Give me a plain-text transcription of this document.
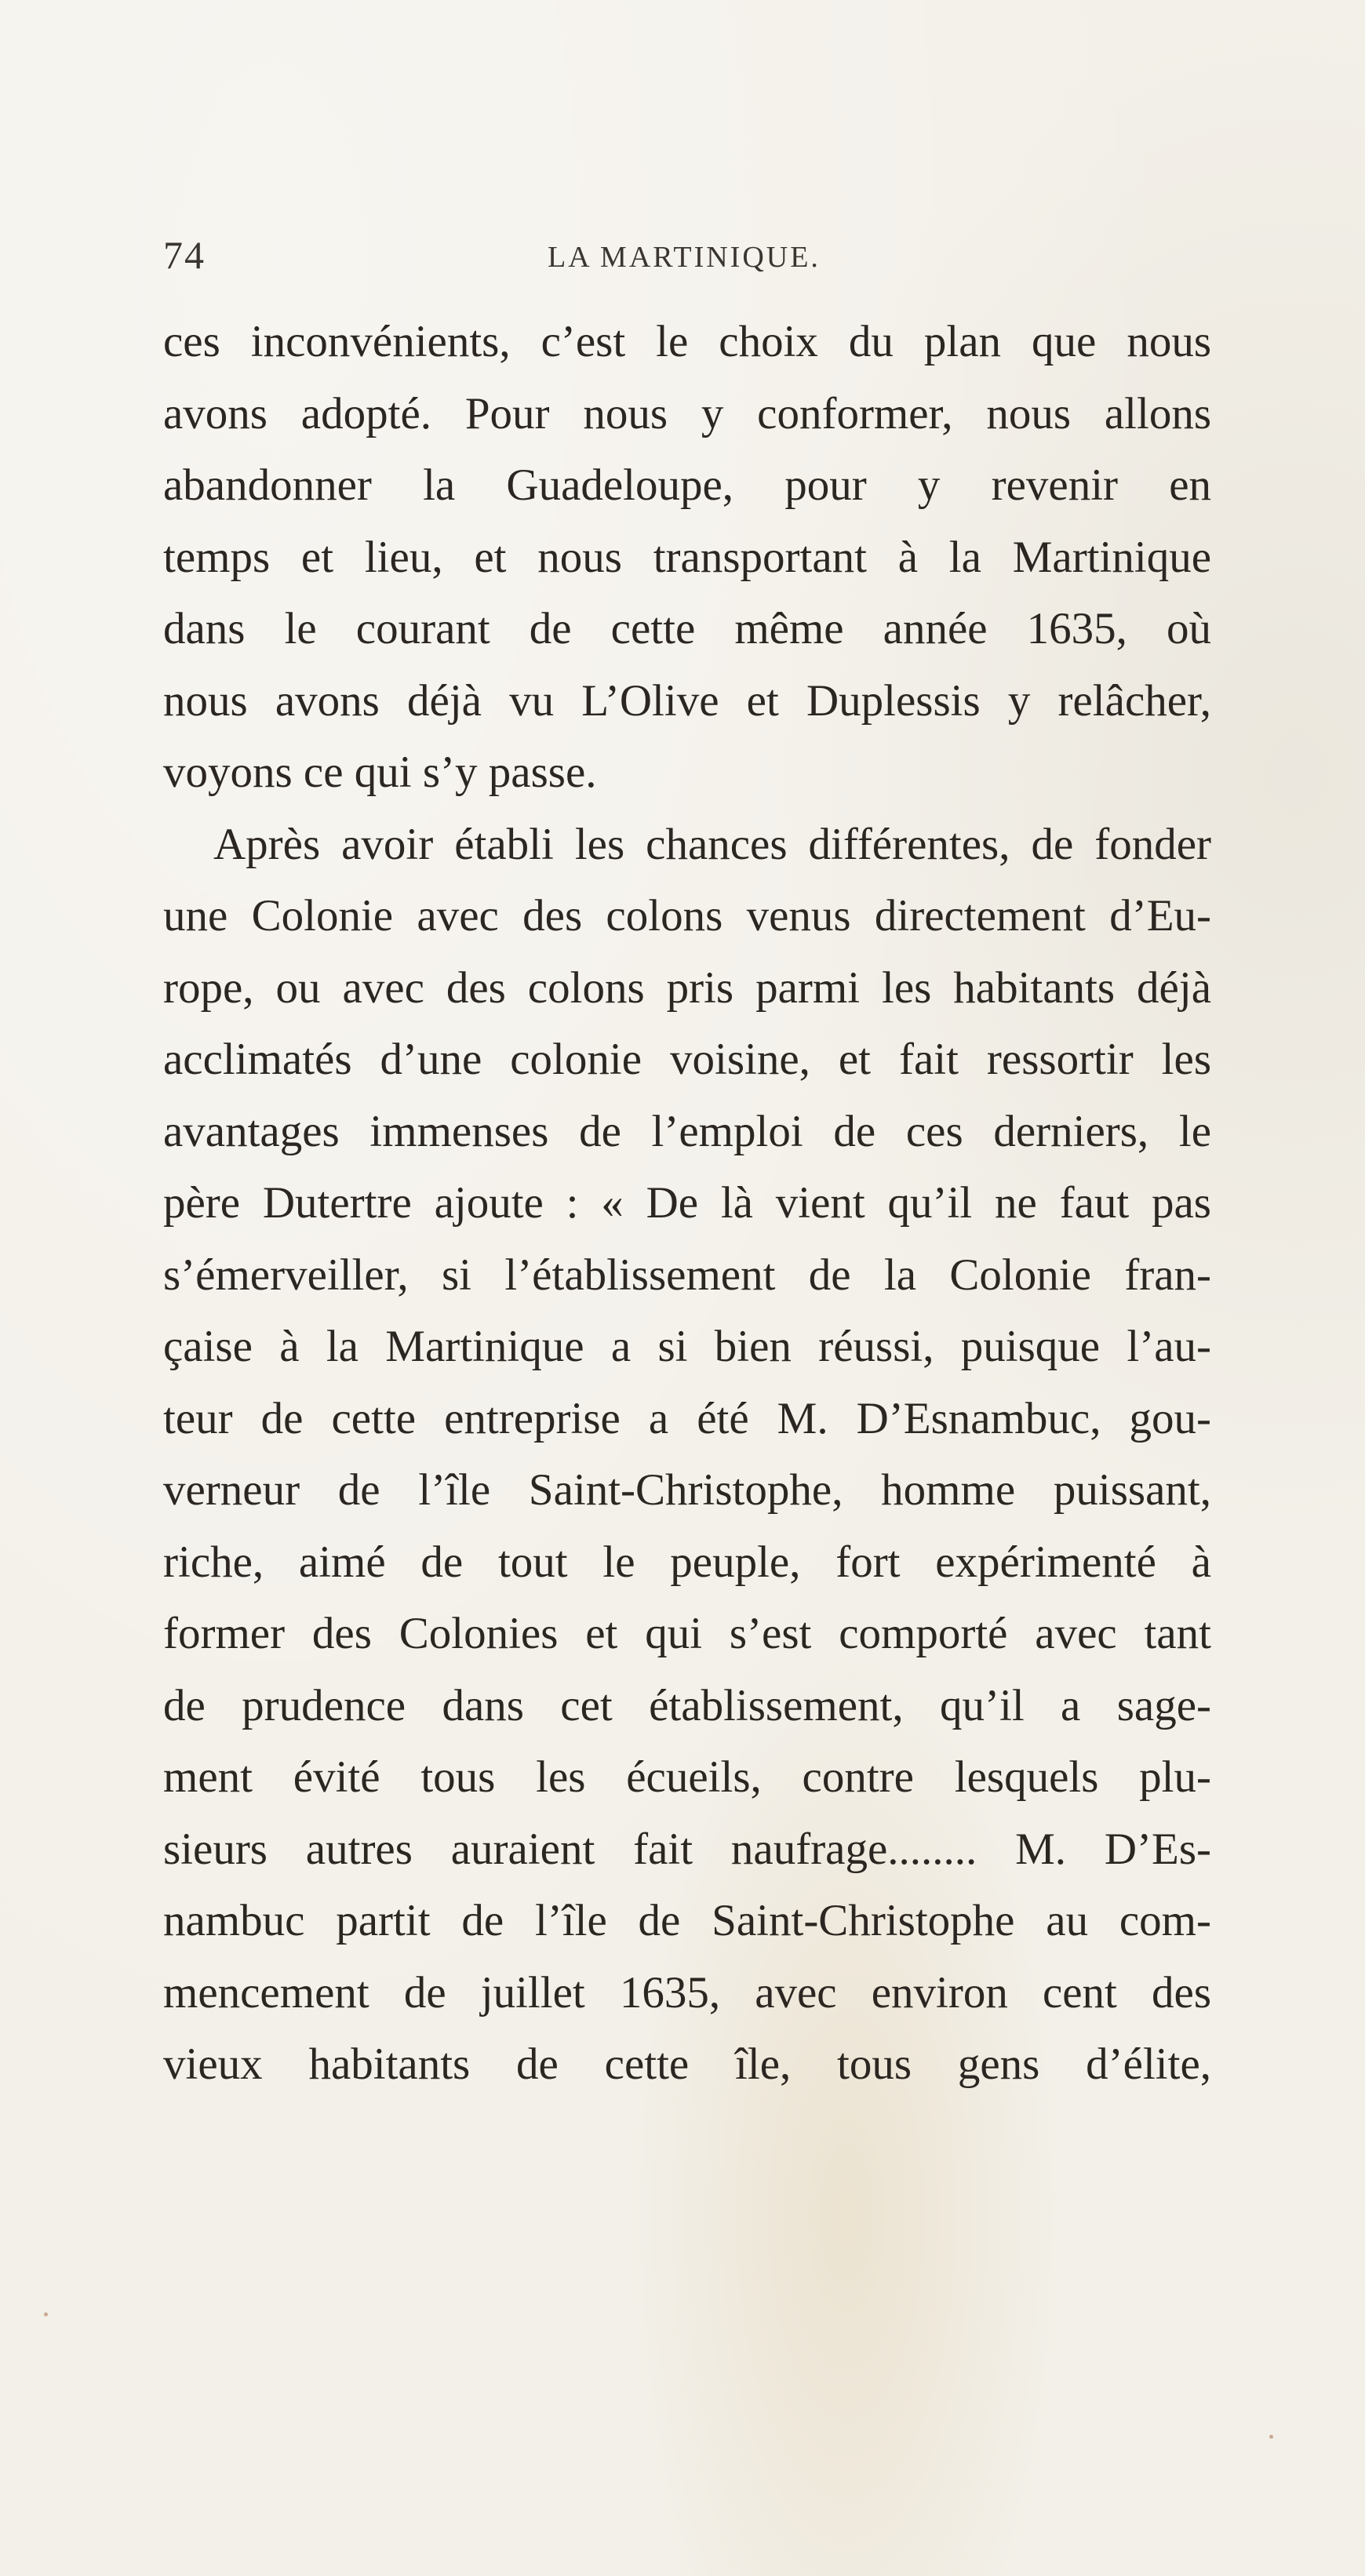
74	LA MARTINIQUE.
ces inconvénients, c’est le choix du plan que nous
avons adopté. Pour nous y conformer, nous allons
abandonner la Guadeloupe, pour y revenir en
temps et lieu, et nous transportant à la Martinique
dans le courant de cette même année 1635, où
nous avons déjà vu L’Olive et Duplessis y relâcher,
voyons ce qui s’y passe.
Après avoir établi les chances différentes, de fonder
une Colonie avec des colons venus directement d’Eu-
rope, ou avec des colons pris parmi les habitants déjà
acclimatés d’une colonie voisine, et fait ressortir les
avantages immenses de l’emploi de ces derniers, le
père Dutertre ajoute : « De là vient qu’il ne faut pas
s’émerveiller, si l’établissement de la Colonie fran-
çaise à la Martinique a si bien réussi, puisque l’au-
teur de cette entreprise a été M. D’Esnambuc, gou-
verneur de l’île Saint-Christophe, homme puissant,
riche, aimé de tout le peuple, fort expérimenté à
former des Colonies et qui s’est comporté avec tant
de prudence dans cet établissement, qu’il a sage-
ment évité tous les écueils, contre lesquels plu-
sieurs autres auraient fait naufrage........ M. D’Es-
nambuc partit de l’île de Saint-Christophe au com-
mencement de juillet 1635, avec environ cent des
vieux habitants de cette île, tous gens d’élite,
